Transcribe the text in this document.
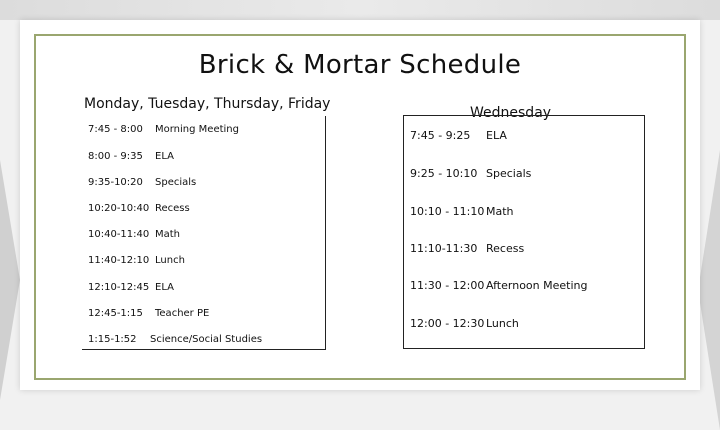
Brick & Mortar Schedule
Monday, Tuesday, Thursday, Friday
Wednesday
7:45 - 8:00 Morning Meeting
8:00 - 9:35 ELA
9:35-10:20 Specials
10:20-10:40 Recess
10:40-11:40 Math
11:40-12:10 Lunch
12:10-12:45 ELA
12:45-1:15 Teacher PE
1:15-1:52 Science/Social Studies
7:45 - 9:25 ELA
9:25 - 10:10 Specials
10:10 - 11:10 Math
11:10-11:30 Recess
11:30 - 12:00 Afternoon Meeting
12:00 - 12:30 Lunch
